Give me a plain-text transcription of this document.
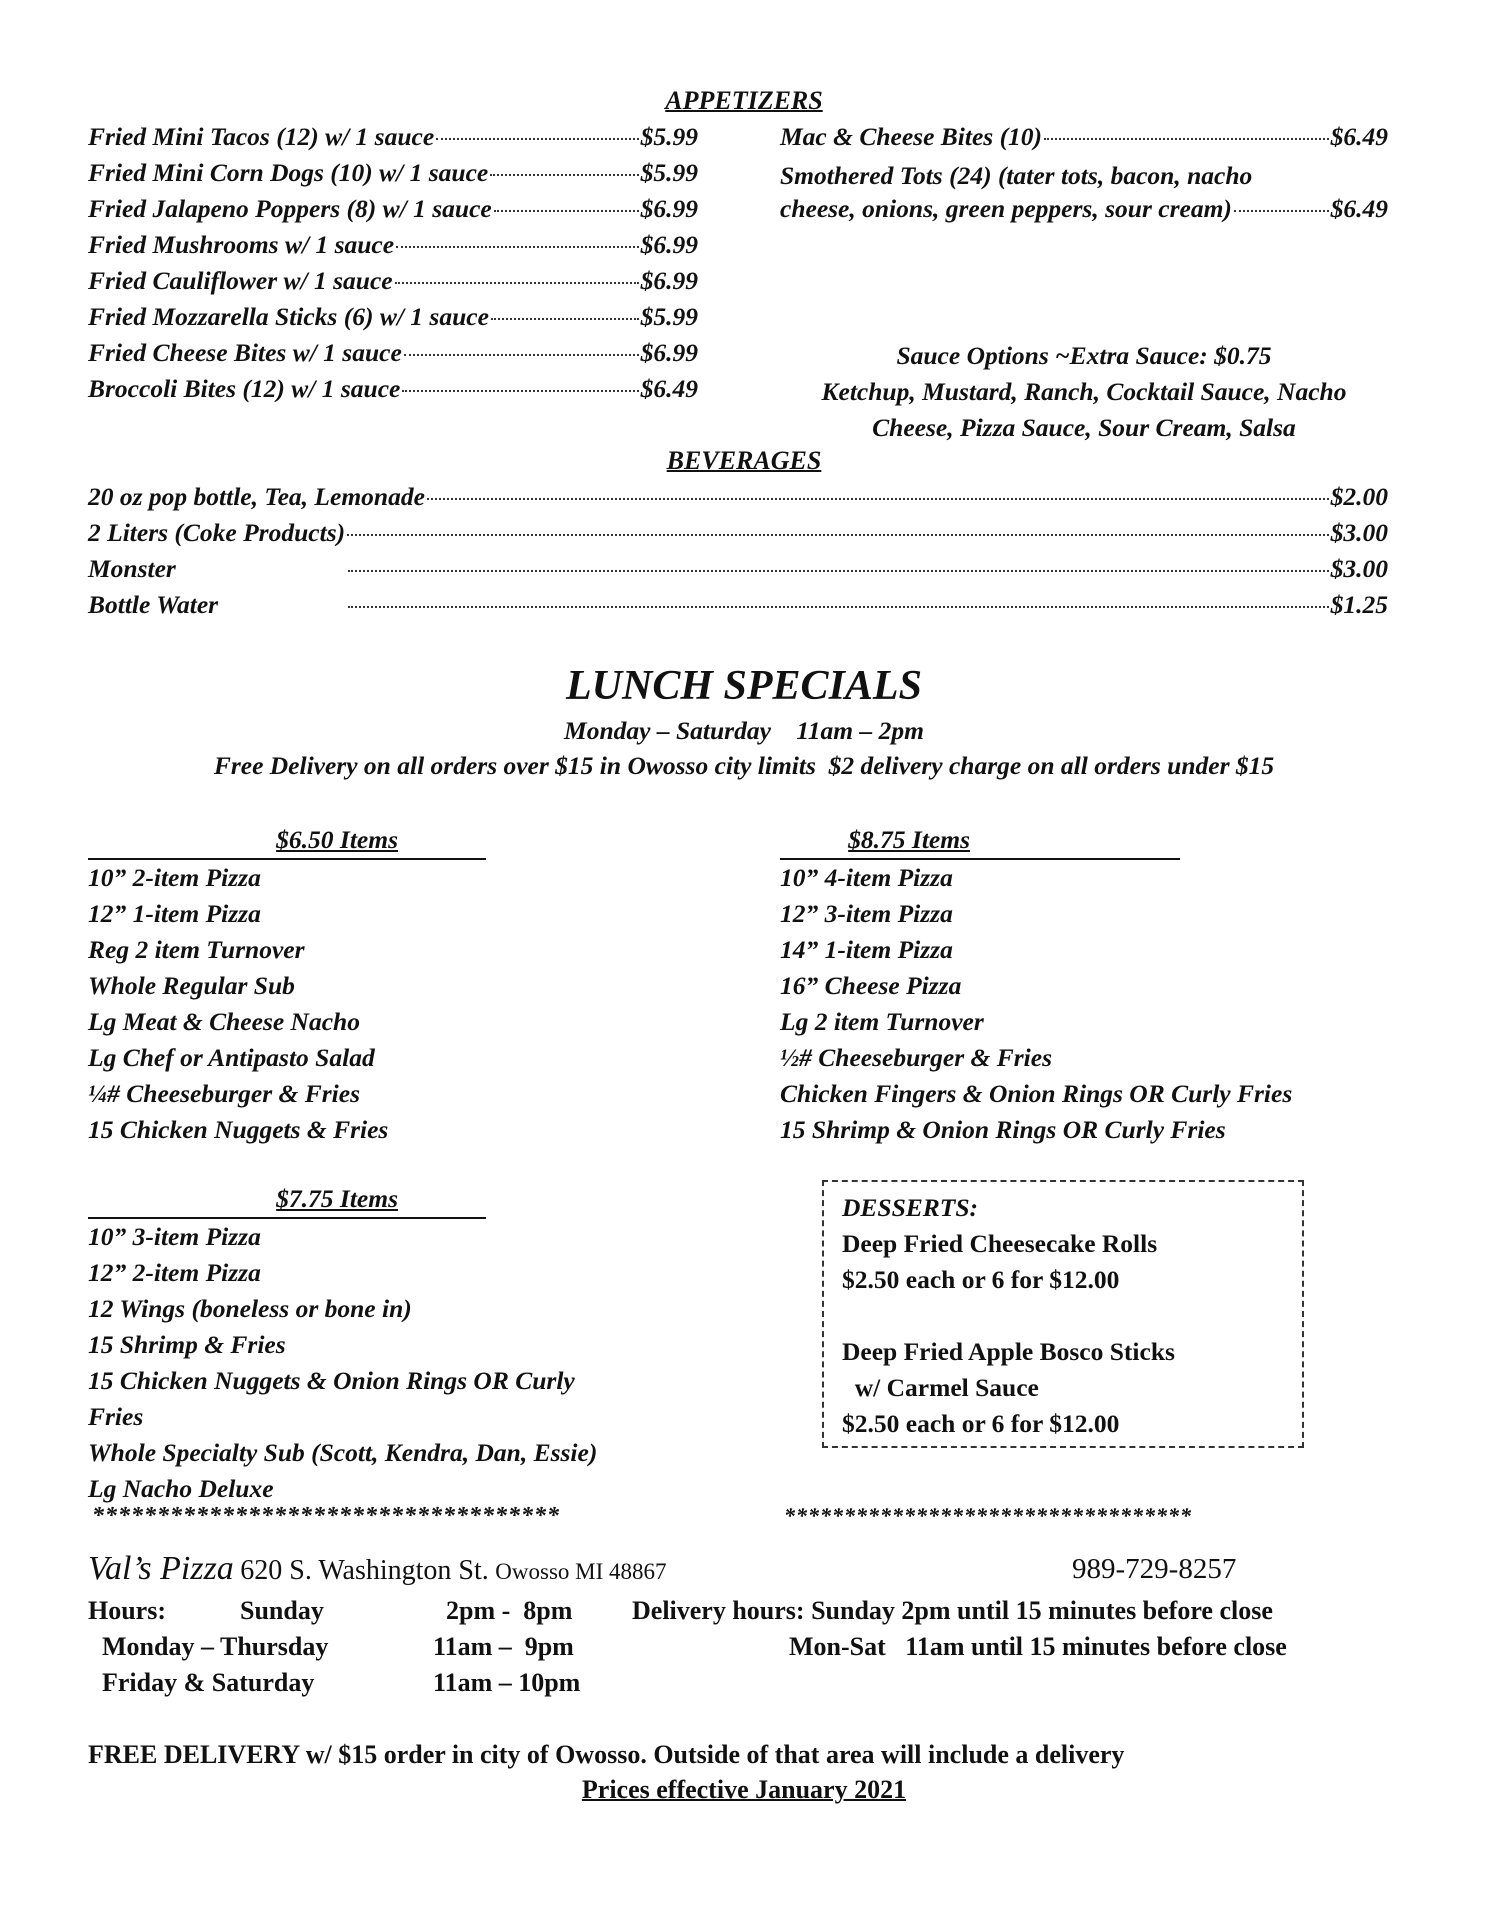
APPETIZERS
Fried Mini Tacos (12) w/ 1 sauce	$5.99
Fried Mini Corn Dogs (10) w/ 1 sauce	$5.99
Fried Jalapeno Poppers (8) w/ 1 sauce	$6.99
Fried Mushrooms w/ 1 sauce	$6.99
Fried Cauliflower w/ 1 sauce	$6.99
Fried Mozzarella Sticks (6) w/ 1 sauce	$5.99
Fried Cheese Bites w/ 1 sauce	$6.99
Broccoli Bites (12) w/ 1 sauce	$6.49
Mac & Cheese Bites (10)	$6.49
Smothered Tots (24) (tater tots, bacon, nacho
cheese, onions, green peppers, sour cream)	$6.49
Sauce Options ~Extra Sauce: $0.75
Ketchup, Mustard, Ranch, Cocktail Sauce, Nacho
Cheese, Pizza Sauce, Sour Cream, Salsa
BEVERAGES
20 oz pop bottle, Tea, Lemonade	$2.00
2 Liters (Coke Products)	$3.00
Monster	$3.00
Bottle Water	$1.25
LUNCH SPECIALS
Monday – Saturday    11am – 2pm
Free Delivery on all orders over $15 in Owosso city limits  $2 delivery charge on all orders under $15
$6.50 Items
10” 2-item Pizza
12” 1-item Pizza
Reg 2 item Turnover
Whole Regular Sub
Lg Meat & Cheese Nacho
Lg Chef or Antipasto Salad
¼# Cheeseburger & Fries
15 Chicken Nuggets & Fries
$8.75 Items
10” 4-item Pizza
12” 3-item Pizza
14” 1-item Pizza
16” Cheese Pizza
Lg 2 item Turnover
½# Cheeseburger & Fries
Chicken Fingers & Onion Rings OR Curly Fries
15 Shrimp & Onion Rings OR Curly Fries
$7.75 Items
10” 3-item Pizza
12” 2-item Pizza
12 Wings (boneless or bone in)
15 Shrimp & Fries
15 Chicken Nuggets & Onion Rings OR Curly
Fries
Whole Specialty Sub (Scott, Kendra, Dan, Essie)
Lg Nacho Deluxe
************************************	**********************************
DESSERTS:
Deep Fried Cheesecake Rolls
$2.50 each or 6 for $12.00
Deep Fried Apple Bosco Sticks
w/ Carmel Sauce
$2.50 each or 6 for $12.00
Val’s Pizza 620 S. Washington St. Owosso MI 48867	989-729-8257
Hours:	Sunday	2pm -  8pm
Monday – Thursday	11am –  9pm
Friday & Saturday	11am – 10pm
Delivery hours: Sunday 2pm until 15 minutes before close
Mon-Sat   11am until 15 minutes before close
FREE DELIVERY w/ $15 order in city of Owosso. Outside of that area will include a delivery
Prices effective January 2021
